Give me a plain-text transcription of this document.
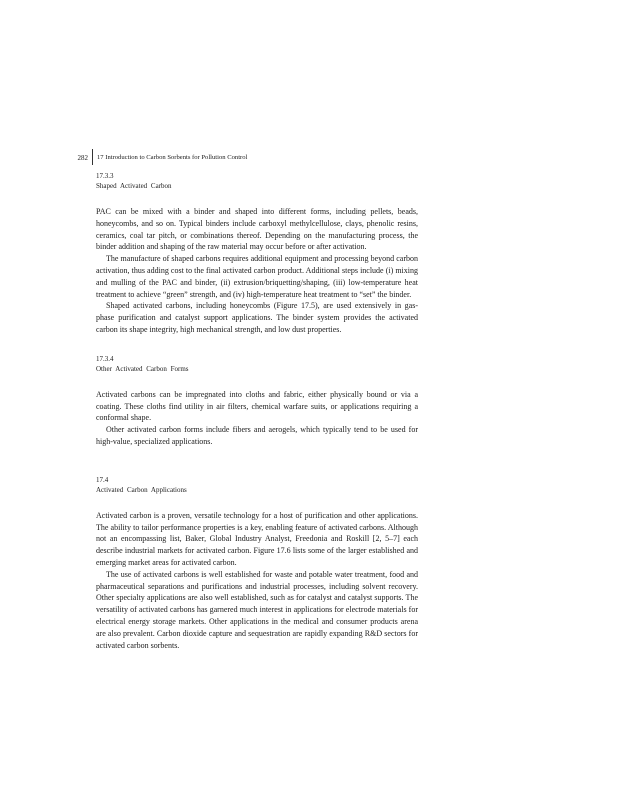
282 17 Introduction to Carbon Sorbents for Pollution Control

17.3.3

Shaped Activated Carbon

PAC can be mixed with a binder and shaped into different forms, including pellets, beads, honeycombs, and so on. Typical binders include carboxyl methylcellulose, clays, phenolic resins, ceramics, coal tar pitch, or combinations thereof. Depending on the manufacturing process, the binder addition and shaping of the raw material may occur before or after activation.

The manufacture of shaped carbons requires additional equipment and processing beyond carbon activation, thus adding cost to the final activated carbon product. Additional steps include (i) mixing and mulling of the PAC and binder, (ii) extrusion/briquetting/shaping, (iii) low-temperature heat treatment to achieve “green” strength, and (iv) high-temperature heat treatment to “set” the binder.

Shaped activated carbons, including honeycombs (Figure 17.5), are used extensively in gas-phase purification and catalyst support applications. The binder system provides the activated carbon its shape integrity, high mechanical strength, and low dust properties.

17.3.4

Other Activated Carbon Forms

Activated carbons can be impregnated into cloths and fabric, either physically bound or via a coating. These cloths find utility in air filters, chemical warfare suits, or applications requiring a conformal shape.

Other activated carbon forms include fibers and aerogels, which typically tend to be used for high-value, specialized applications.

17.4

Activated Carbon Applications

Activated carbon is a proven, versatile technology for a host of purification and other applications. The ability to tailor performance properties is a key, enabling feature of activated carbons. Although not an encompassing list, Baker, Global Industry Analyst, Freedonia and Roskill [2, 5–7] each describe industrial markets for activated carbon. Figure 17.6 lists some of the larger established and emerging market areas for activated carbon.

The use of activated carbons is well established for waste and potable water treatment, food and pharmaceutical separations and purifications and industrial processes, including solvent recovery. Other specialty applications are also well established, such as for catalyst and catalyst supports. The versatility of activated carbons has garnered much interest in applications for electrode materials for electrical energy storage markets. Other applications in the medical and consumer products arena are also prevalent. Carbon dioxide capture and sequestration are rapidly expanding R&D sectors for activated carbon sorbents.
